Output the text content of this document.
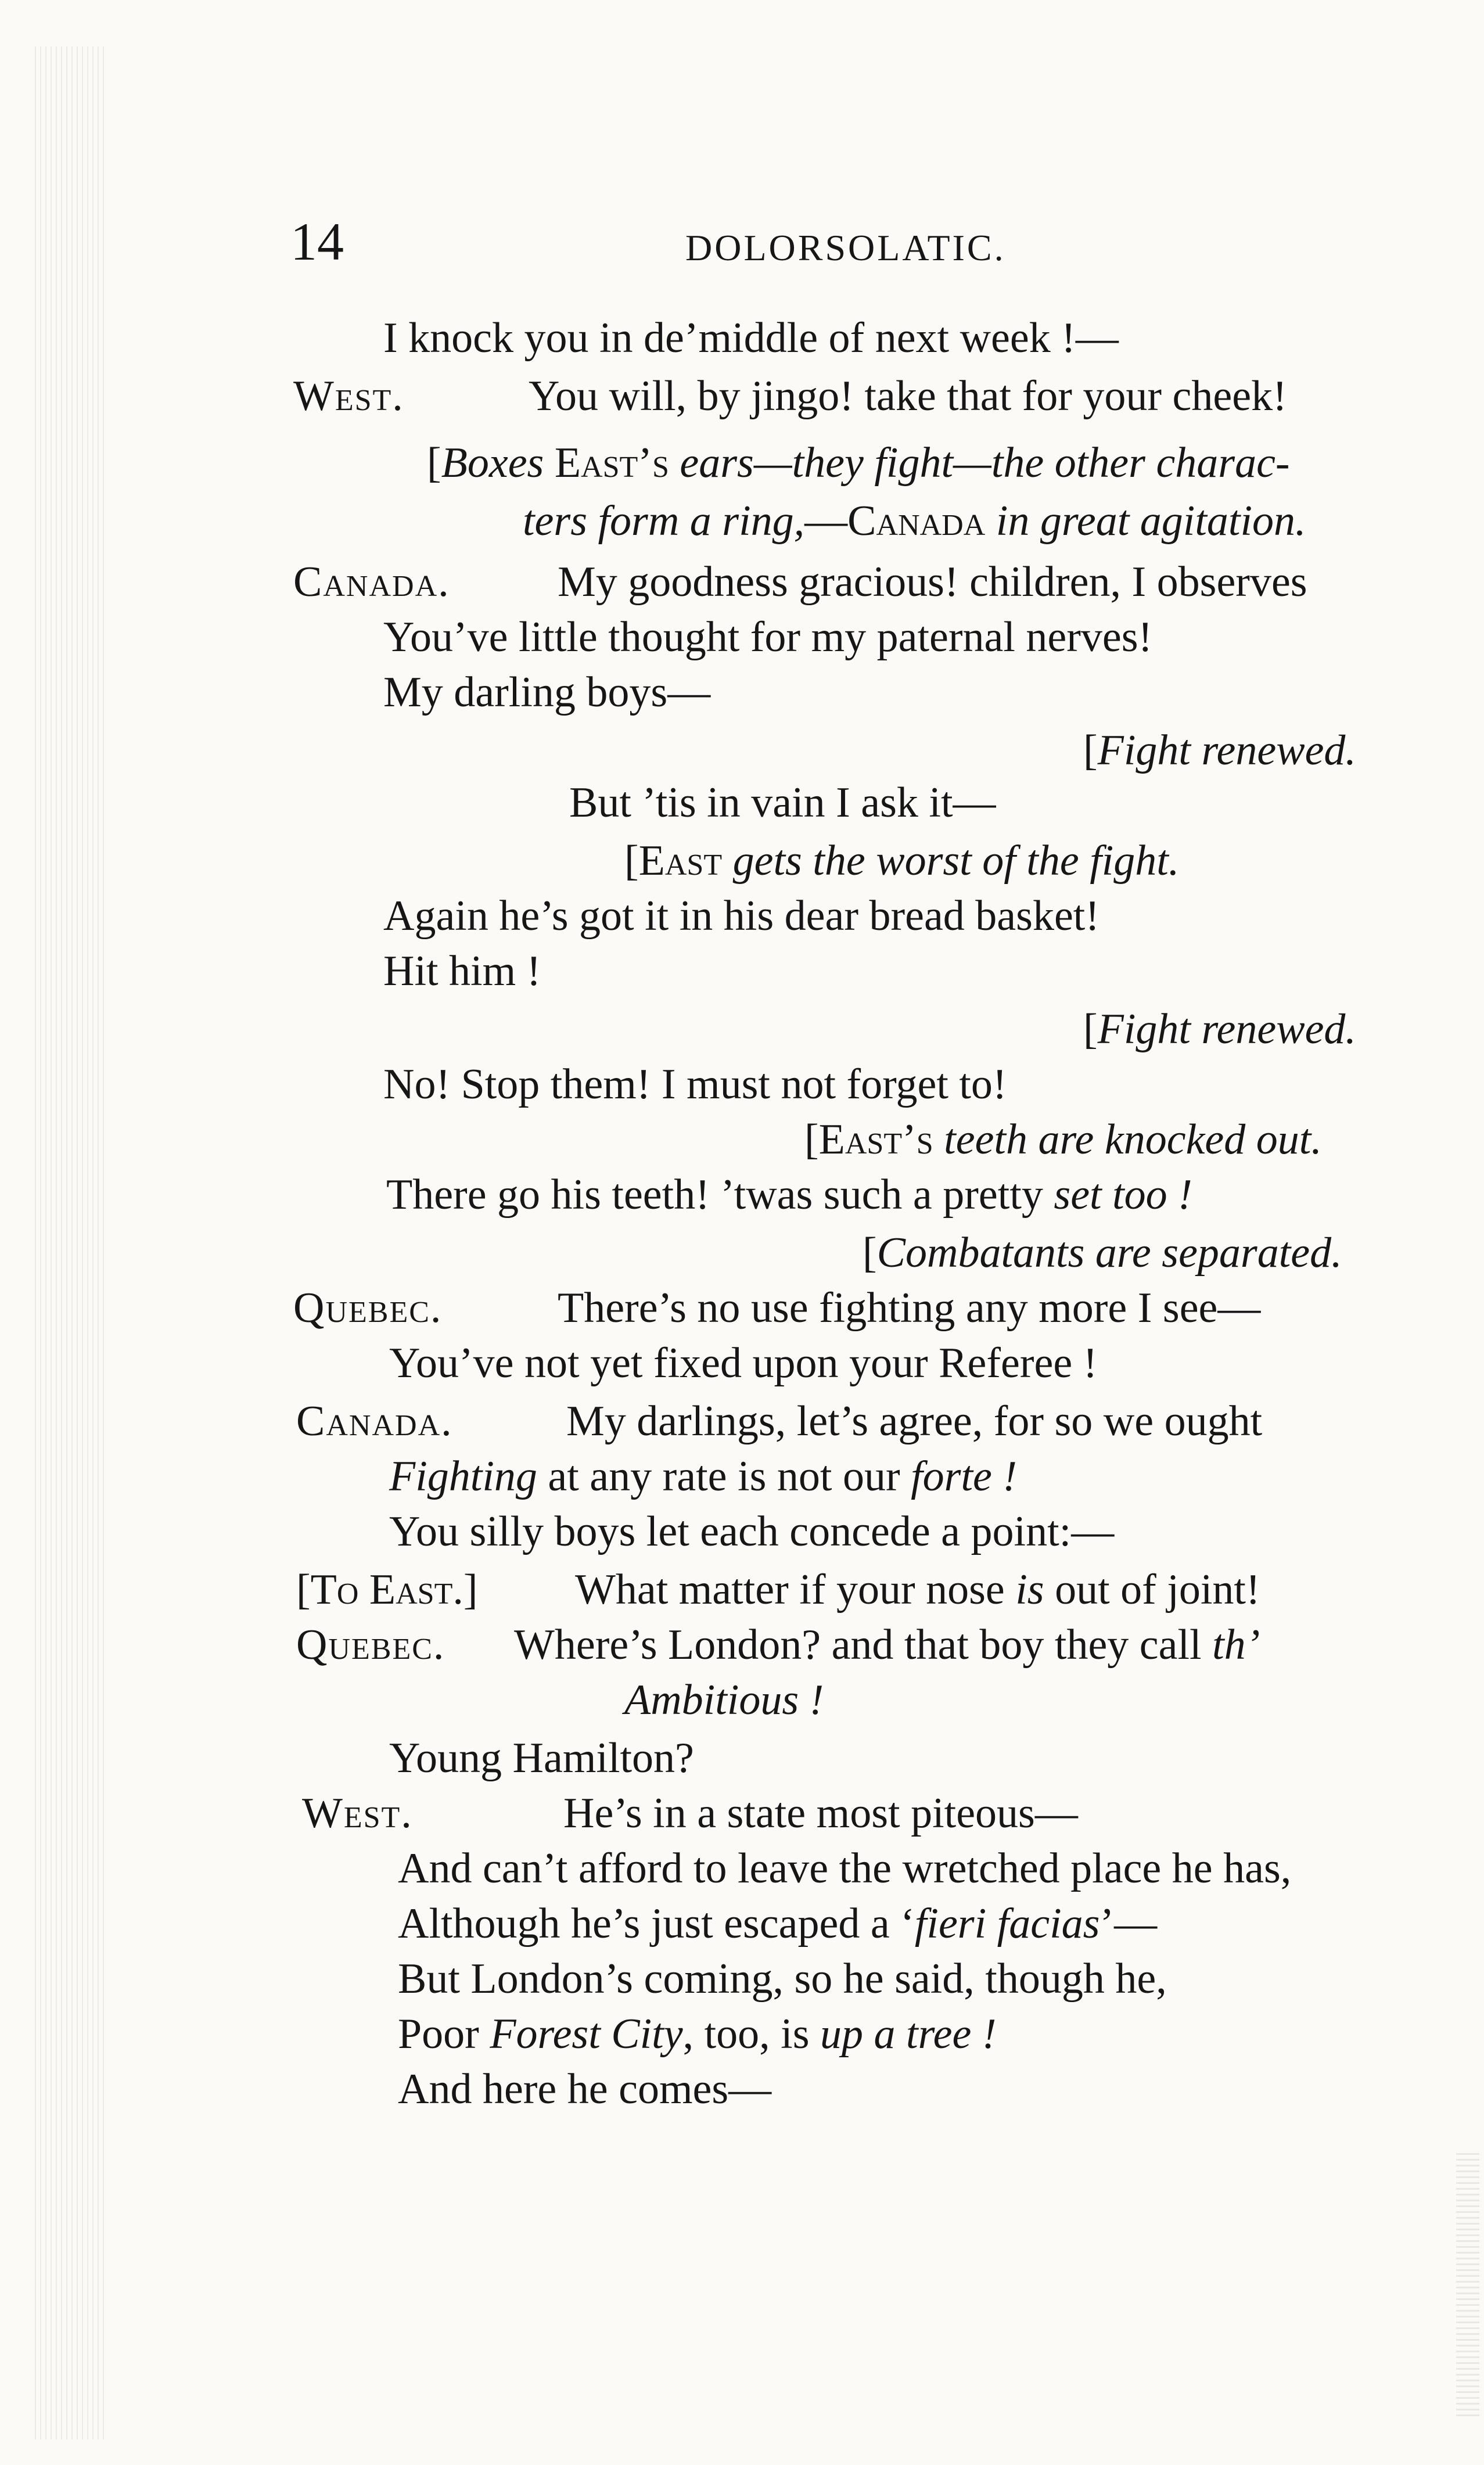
14	DOLORSOLATIC.
I knock you in de’middle of next week !—
West.	You will, by jingo! take that for your cheek!
[Boxes East’s ears—they fight—the other charac-
ters form a ring,—Canada in great agitation.
Canada.	My goodness gracious! children, I observes
You’ve little thought for my paternal nerves!
My darling boys—
[Fight renewed.
But ’tis in vain I ask it—
[East gets the worst of the fight.
Again he’s got it in his dear bread basket!
Hit him !
[Fight renewed.
No! Stop them! I must not forget to!
[East’s teeth are knocked out.
There go his teeth! ’twas such a pretty set too !
[Combatants are separated.
Quebec.	There’s no use fighting any more I see—
You’ve not yet fixed upon your Referee !
Canada.	My darlings, let’s agree, for so we ought
Fighting at any rate is not our forte !
You silly boys let each concede a point:—
[To East.] What matter if your nose is out of joint!
Quebec. Where’s London? and that boy they call th’
Ambitious !
Young Hamilton?
West.	He’s in a state most piteous—
And can’t afford to leave the wretched place he has,
Although he’s just escaped a ‘fieri facias’—
But London’s coming, so he said, though he,
Poor Forest City, too, is up a tree !
And here he comes—
